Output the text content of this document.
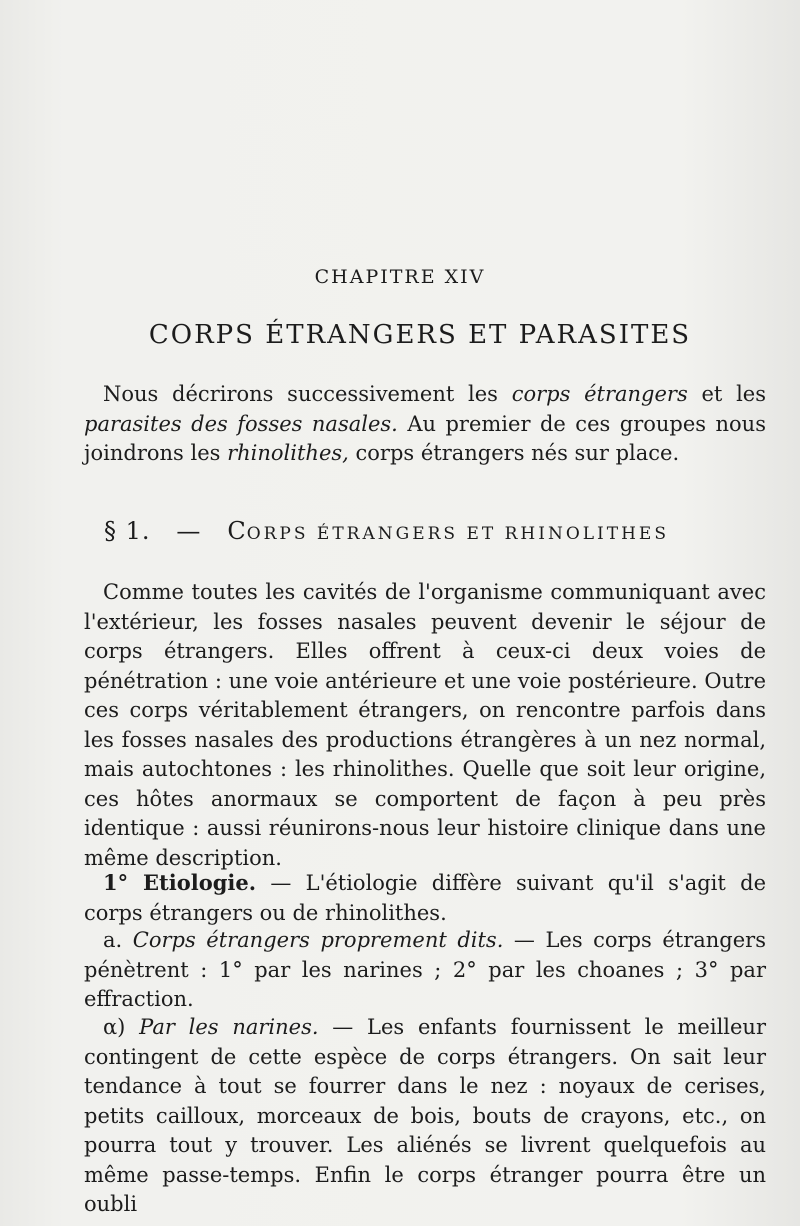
CHAPITRE XIV
CORPS ÉTRANGERS ET PARASITES

Nous décrirons successivement les corps étrangers et les parasites des fosses nasales. Au premier de ces groupes nous joindrons les rhinolithes, corps étrangers nés sur place.

§ 1. — CORPS ÉTRANGERS ET RHINOLITHES

Comme toutes les cavités de l'organisme communiquant avec l'extérieur, les fosses nasales peuvent devenir le séjour de corps étrangers. Elles offrent à ceux-ci deux voies de pénétration : une voie antérieure et une voie postérieure. Outre ces corps véritablement étrangers, on rencontre parfois dans les fosses nasales des productions étrangères à un nez normal, mais autochtones : les rhinolithes. Quelle que soit leur origine, ces hôtes anormaux se comportent de façon à peu près identique : aussi réunirons-nous leur histoire clinique dans une même description.

1° Etiologie. — L'étiologie diffère suivant qu'il s'agit de corps étrangers ou de rhinolithes.

a. Corps étrangers proprement dits. — Les corps étrangers pénètrent : 1° par les narines ; 2° par les choanes ; 3° par effraction.

α) Par les narines. — Les enfants fournissent le meilleur contingent de cette espèce de corps étrangers. On sait leur tendance à tout se fourrer dans le nez : noyaux de cerises, petits cailloux, morceaux de bois, bouts de crayons, etc., on pourra tout y trouver. Les aliénés se livrent quelquefois au même passe-temps. Enfin le corps étranger pourra être un oubli
